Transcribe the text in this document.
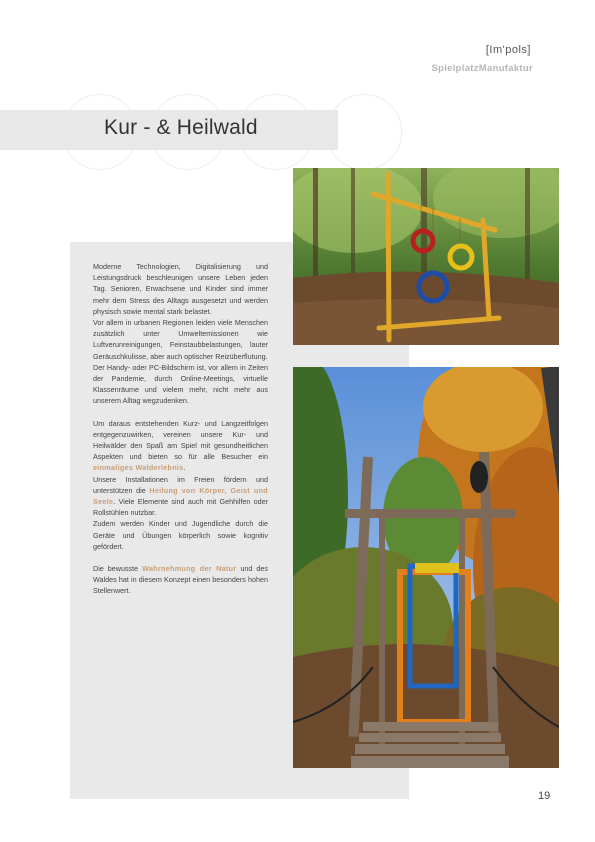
[Im'pols]
SpielplatzManufaktur
Kur - & Heilwald

Moderne Technologien, Digitalisierung und Leistungsdruck beschleunigen unsere Leben jeden Tag. Senioren, Erwachsene und Kinder sind immer mehr dem Stress des Alltags ausgesetzt und werden physisch sowie mental stark belastet.

Vor allem in urbanen Regionen leiden viele Menschen zusätzlich unter Umweltemissionen wie Luftverunreinigungen, Feinstaubbelastungen, lauter Geräuschkulisse, aber auch optischer Reizüberflutung.

Der Handy- oder PC-Bildschirm ist, vor allem in Zeiten der Pandemie, durch Online-Meetings, virtuelle Klassenräume und vielem mehr, nicht mehr aus unserem Alltag wegzudenken.

Um daraus entstehenden Kurz- und Langzeitfolgen entgegenzuwirken, vereinen unsere Kur- und Heilwälder den Spaß am Spiel mit gesundheitlichen Aspekten und bieten so für alle Besucher ein einmaliges Walderlebnis.

Unsere Installationen im Freien fördern und unterstützen die Heilung von Körper, Geist und Seele. Viele Elemente sind auch mit Gehhilfen oder Rollstühlen nutzbar.

Zudem werden Kinder und Jugendliche durch die Geräte und Übungen körperlich sowie kognitiv gefördert.

Die bewusste Wahrnehmung der Natur und des Waldes hat in diesem Konzept einen besonders hohen Stellenwert.

19
